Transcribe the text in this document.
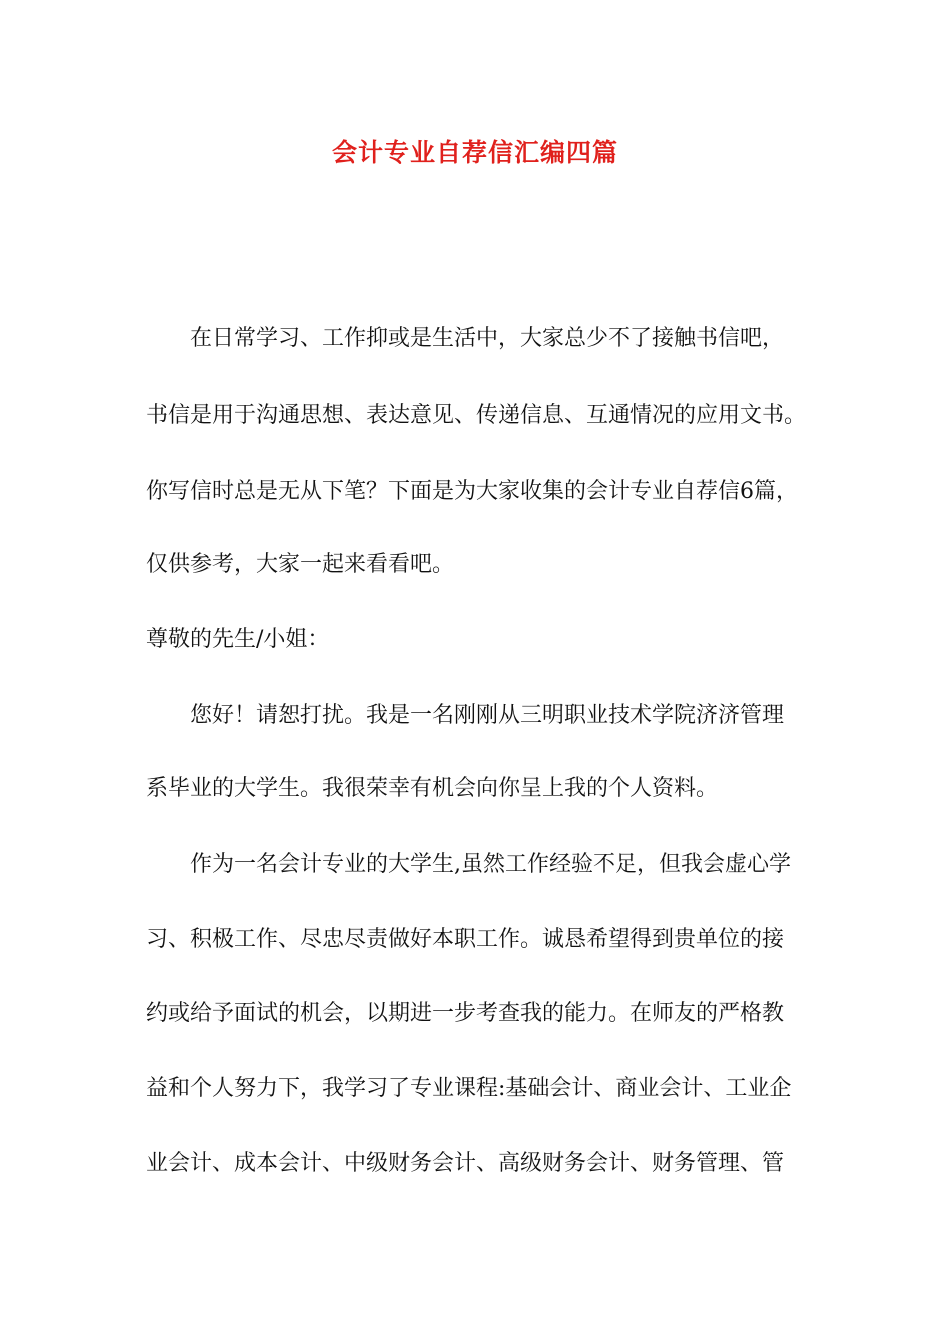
会计专业自荐信汇编四篇
在日常学习、工作抑或是生活中，大家总少不了接触书信吧，
书信是用于沟通思想、表达意见、传递信息、互通情况的应用文书。
你写信时总是无从下笔？下面是为大家收集的会计专业自荐信6篇，
仅供参考，大家一起来看看吧。
尊敬的先生/小姐：
您好！请恕打扰。我是一名刚刚从三明职业技术学院济济管理
系毕业的大学生。我很荣幸有机会向你呈上我的个人资料。
作为一名会计专业的大学生,虽然工作经验不足，但我会虚心学
习、积极工作、尽忠尽责做好本职工作。诚恳希望得到贵单位的接
约或给予面试的机会，以期进一步考查我的能力。在师友的严格教
益和个人努力下，我学习了专业课程:基础会计、商业会计、工业企
业会计、成本会计、中级财务会计、高级财务会计、财务管理、管
